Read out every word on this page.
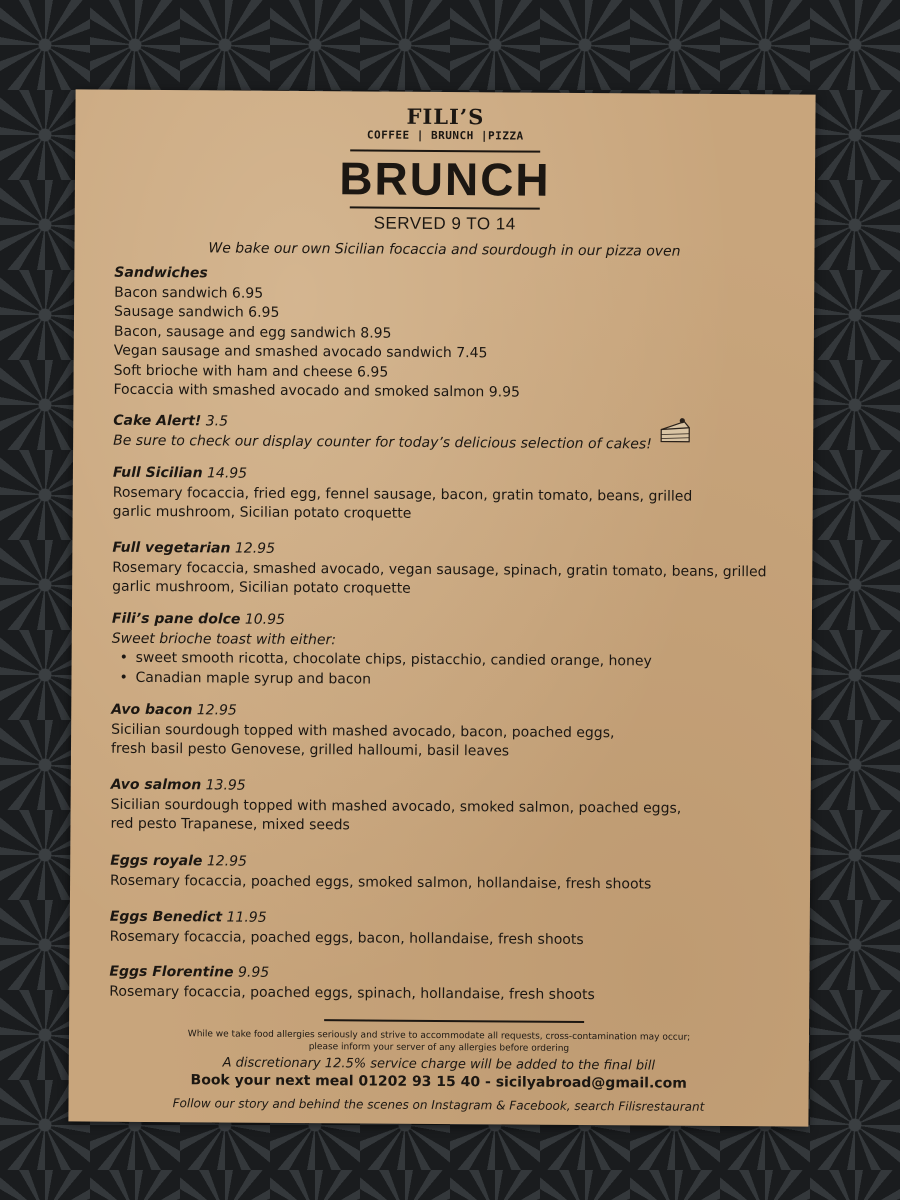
FILI’S
COFFEE | BRUNCH |PIZZA
BRUNCH
SERVED 9 TO 14
We bake our own Sicilian focaccia and sourdough in our pizza oven
Sandwiches
Bacon sandwich 6.95
Sausage sandwich 6.95
Bacon, sausage and egg sandwich 8.95
Vegan sausage and smashed avocado sandwich 7.45
Soft brioche with ham and cheese 6.95
Focaccia with smashed avocado and smoked salmon 9.95
Cake Alert! 3.5
Be sure to check our display counter for today’s delicious selection of cakes!
Full Sicilian 14.95
Rosemary focaccia, fried egg, fennel sausage, bacon, gratin tomato, beans, grilled
garlic mushroom, Sicilian potato croquette
Full vegetarian 12.95
Rosemary focaccia, smashed avocado, vegan sausage, spinach, gratin tomato, beans, grilled
garlic mushroom, Sicilian potato croquette
Fili’s pane dolce 10.95
Sweet brioche toast with either:
• sweet smooth ricotta, chocolate chips, pistacchio, candied orange, honey
• Canadian maple syrup and bacon
Avo bacon 12.95
Sicilian sourdough topped with mashed avocado, bacon, poached eggs,
fresh basil pesto Genovese, grilled halloumi, basil leaves
Avo salmon 13.95
Sicilian sourdough topped with mashed avocado, smoked salmon, poached eggs,
red pesto Trapanese, mixed seeds
Eggs royale 12.95
Rosemary focaccia, poached eggs, smoked salmon, hollandaise, fresh shoots
Eggs Benedict 11.95
Rosemary focaccia, poached eggs, bacon, hollandaise, fresh shoots
Eggs Florentine 9.95
Rosemary focaccia, poached eggs, spinach, hollandaise, fresh shoots
While we take food allergies seriously and strive to accommodate all requests, cross-contamination may occur; please inform your server of any allergies before ordering
A discretionary 12.5% service charge will be added to the final bill
Book your next meal 01202 93 15 40 - sicilyabroad@gmail.com
Follow our story and behind the scenes on Instagram & Facebook, search Filisrestaurant
